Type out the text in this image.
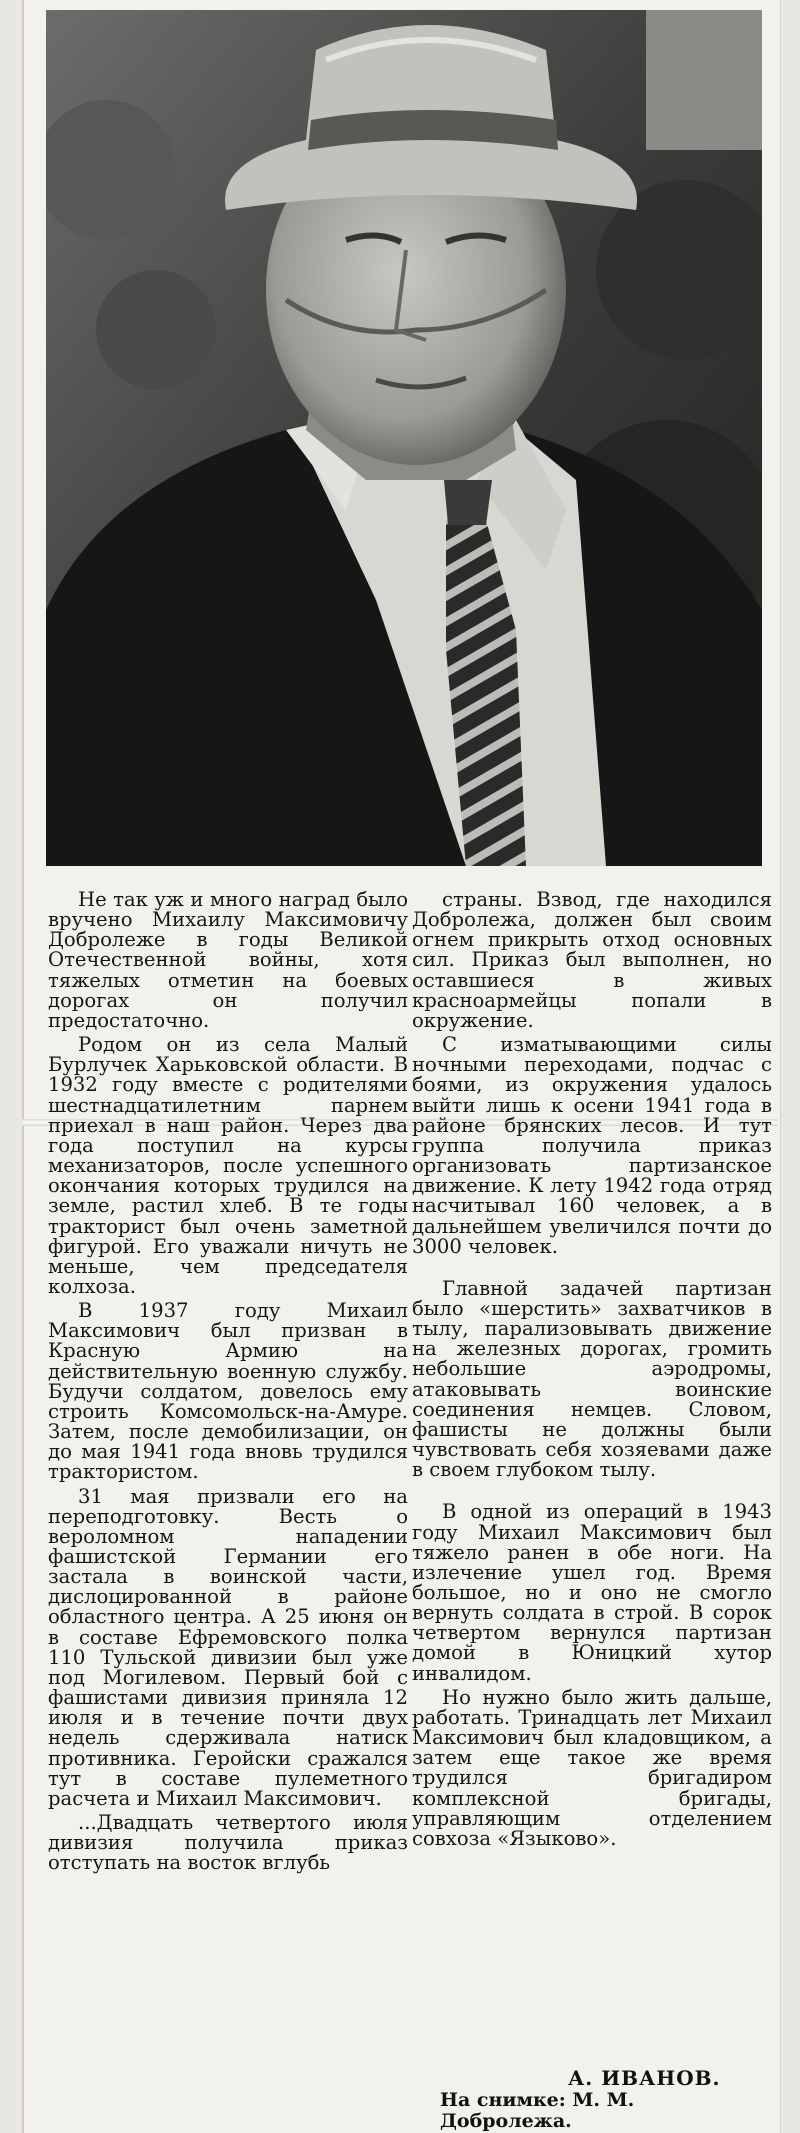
Не так уж и много наград было вручено Михаилу Максимовичу Добролеже в годы Великой Отечественной войны, хотя тяжелых отметин на боевых дорогах он получил предостаточно.

Родом он из села Малый Бурлучек Харьковской области. В 1932 году вместе с родителями шестнадцатилетним парнем приехал в наш район. Через два года поступил на курсы механизаторов, после успешного окончания которых трудился на земле, растил хлеб. В те годы тракторист был очень заметной фигурой. Его уважали ничуть не меньше, чем председателя колхоза.

В 1937 году Михаил Максимович был призван в Красную Армию на действительную военную службу. Будучи солдатом, довелось ему строить Комсомольск-на-Амуре. Затем, после демобилизации, он до мая 1941 года вновь трудился трактористом.

31 мая призвали его на переподготовку. Весть о вероломном нападении фашистской Германии его застала в воинской части, дислоцированной в районе областного центра. А 25 июня он в составе Ефремовского полка 110 Тульской дивизии был уже под Могилевом. Первый бой с фашистами дивизия приняла 12 июля и в течение почти двух недель сдерживала натиск противника. Геройски сражался тут в составе пулеметного расчета и Михаил Максимович.

...Двадцать четвертого июля дивизия получила приказ отступать на восток вглубь

страны. Взвод, где находился Добролежа, должен был своим огнем прикрыть отход основных сил. Приказ был выполнен, но оставшиеся в живых красноармейцы попали в окружение.

С изматывающими силы ночными переходами, подчас с боями, из окружения удалось выйти лишь к осени 1941 года в районе брянских лесов. И тут группа получила приказ организовать партизанское движение. К лету 1942 года отряд насчитывал 160 человек, а в дальнейшем увеличился почти до 3000 человек.

Главной задачей партизан было «шерстить» захватчиков в тылу, парализовывать движение на железных дорогах, громить небольшие аэродромы, атаковывать воинские соединения немцев. Словом, фашисты не должны были чувствовать себя хозяевами даже в своем глубоком тылу.

В одной из операций в 1943 году Михаил Максимович был тяжело ранен в обе ноги. На излечение ушел год. Время большое, но и оно не смогло вернуть солдата в строй. В сорок четвертом вернулся партизан домой в Юницкий хутор инвалидом.

Но нужно было жить дальше, работать. Тринадцать лет Михаил Максимович был кладовщиком, а затем еще такое же время трудился бригадиром комплексной бригады, управляющим отделением совхоза «Языково».

А. ИВАНОВ.
На снимке: М. М. Добролежа.
